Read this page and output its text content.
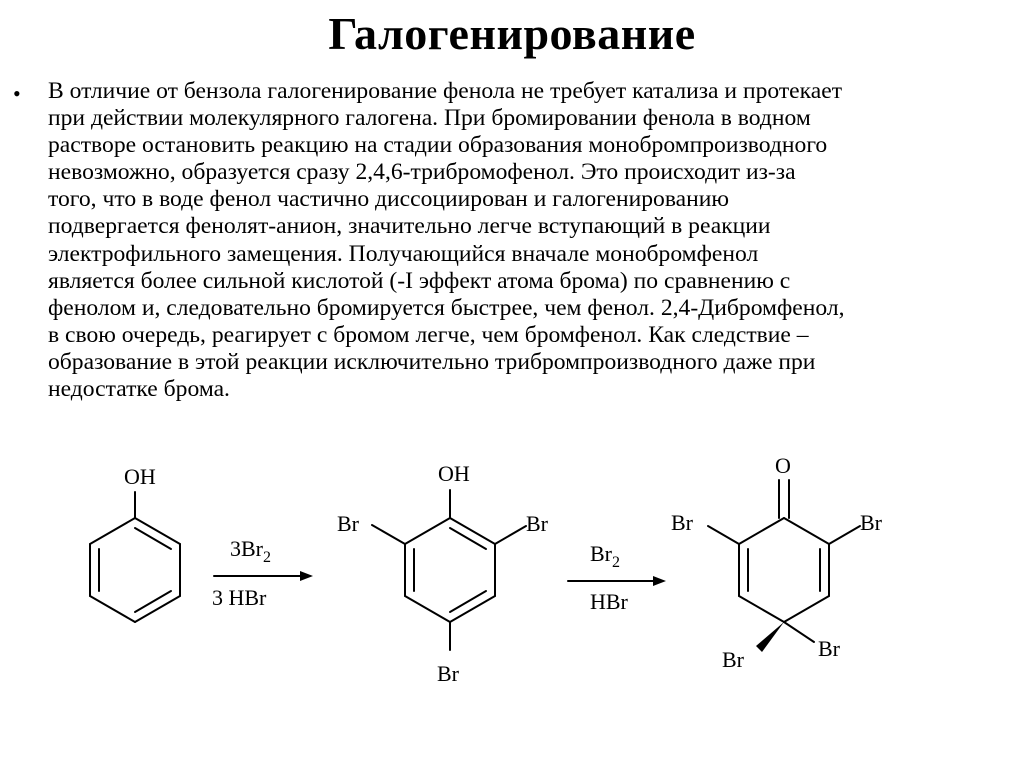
Галогенирование
• В отличие от бензола галогенирование фенола не требует катализа и протекает
при действии молекулярного галогена. При бромировании фенола в водном
растворе остановить реакцию на стадии образования монобромпроизводного
невозможно, образуется сразу 2,4,6-трибромофенол. Это происходит из-за
того, что в воде фенол частично диссоциирован и галогенированию
подвергается фенолят-анион, значительно легче вступающий в реакции
электрофильного замещения. Получающийся вначале монобромфенол
является более сильной кислотой (-I эффект атома брома) по сравнению с
фенолом и, следовательно бромируется быстрее, чем фенол. 2,4-Дибромфенол,
в свою очередь, реагирует с бромом легче, чем бромфенол. Как следствие –
образование в этой реакции исключительно трибромпроизводного даже при
недостатке брома.
OH
$3Br_2$
3 HBr
OH
Br	Br
Br
$Br_2$
HBr
O
Br	Br
Br	Br
